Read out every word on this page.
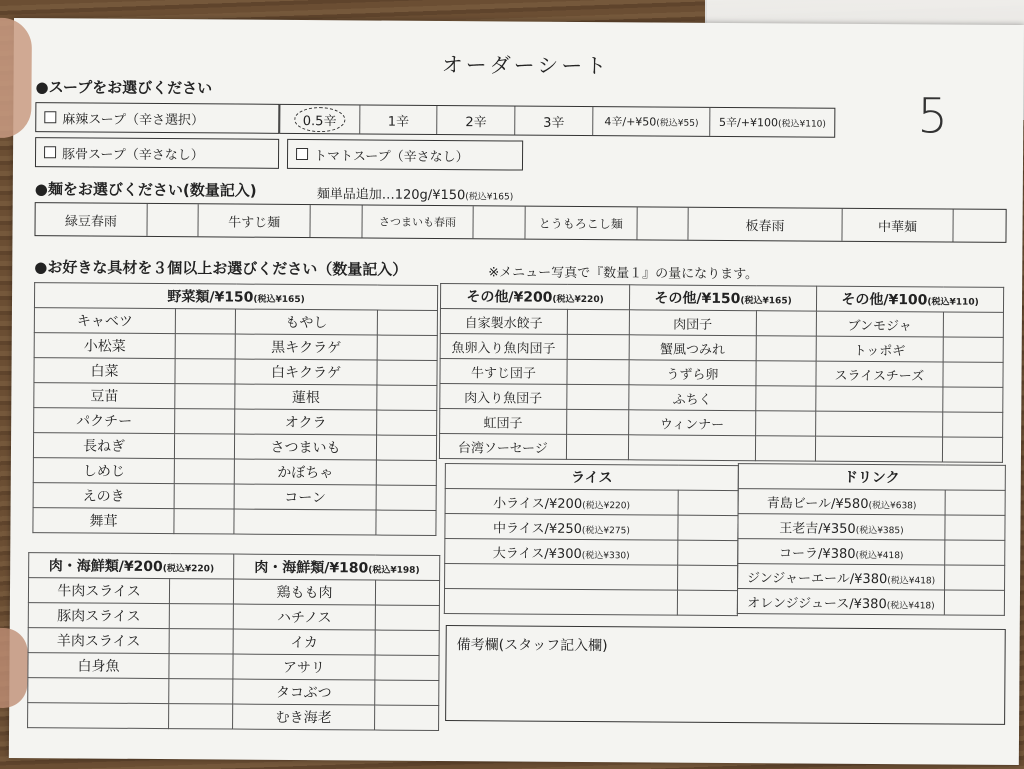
オーダーシート
5
●スープをお選びください
麻辣スープ（辛さ選択）	0.5辛	1辛	2辛	3辛	4辛/+¥50 (税込¥55) 5辛/+¥100 (税込¥110)
豚骨スープ（辛さなし）	トマトスープ（辛さなし）
●麺をお選びください(数量記入)	麺単品追加…120g/¥150(税込¥165)
緑豆春雨	牛すじ麺	さつまいも春雨	とうもろこし麺	板春雨	中華麺
●お好きな具材を３個以上お選びください（数量記入）	※メニュー写真で『数量１』の量になります。
野菜類/¥150(税込¥165)			
キャベツ		もやし	
小松菜		黒キクラゲ	
白菜		白キクラゲ	
豆苗		蓮根	
パクチー		オクラ	
長ねぎ		さつまいも	
しめじ		かぼちゃ	
えのき		コーン	
舞茸			
肉・海鮮類/¥200(税込¥220)		肉・海鮮類/¥180(税込¥198)	
牛肉スライス		鶏もも肉	
豚肉スライス		ハチノス	
羊肉スライス		イカ	
白身魚		アサリ	
		タコぶつ	
		むき海老	
その他/¥200(税込¥220)		その他/¥150(税込¥165)		その他/¥100(税込¥110)	
自家製水餃子		肉団子		ブンモジャ	
魚卵入り魚肉団子		蟹風つみれ		トッポギ	
牛すじ団子		うずら卵		スライスチーズ	
肉入り魚団子		ふちく			
虹団子		ウィンナー			
台湾ソーセージ					
ライス	
小ライス/¥200(税込¥220)	
中ライス/¥250(税込¥275)	
大ライス/¥300(税込¥330)	

ドリンク	
青島ビール/¥580(税込¥638)	
王老吉/¥350(税込¥385)	
コーラ/¥380(税込¥418)	
ジンジャーエール/¥380(税込¥418)	
オレンジジュース/¥380(税込¥418)	
備考欄(スタッフ記入欄)
